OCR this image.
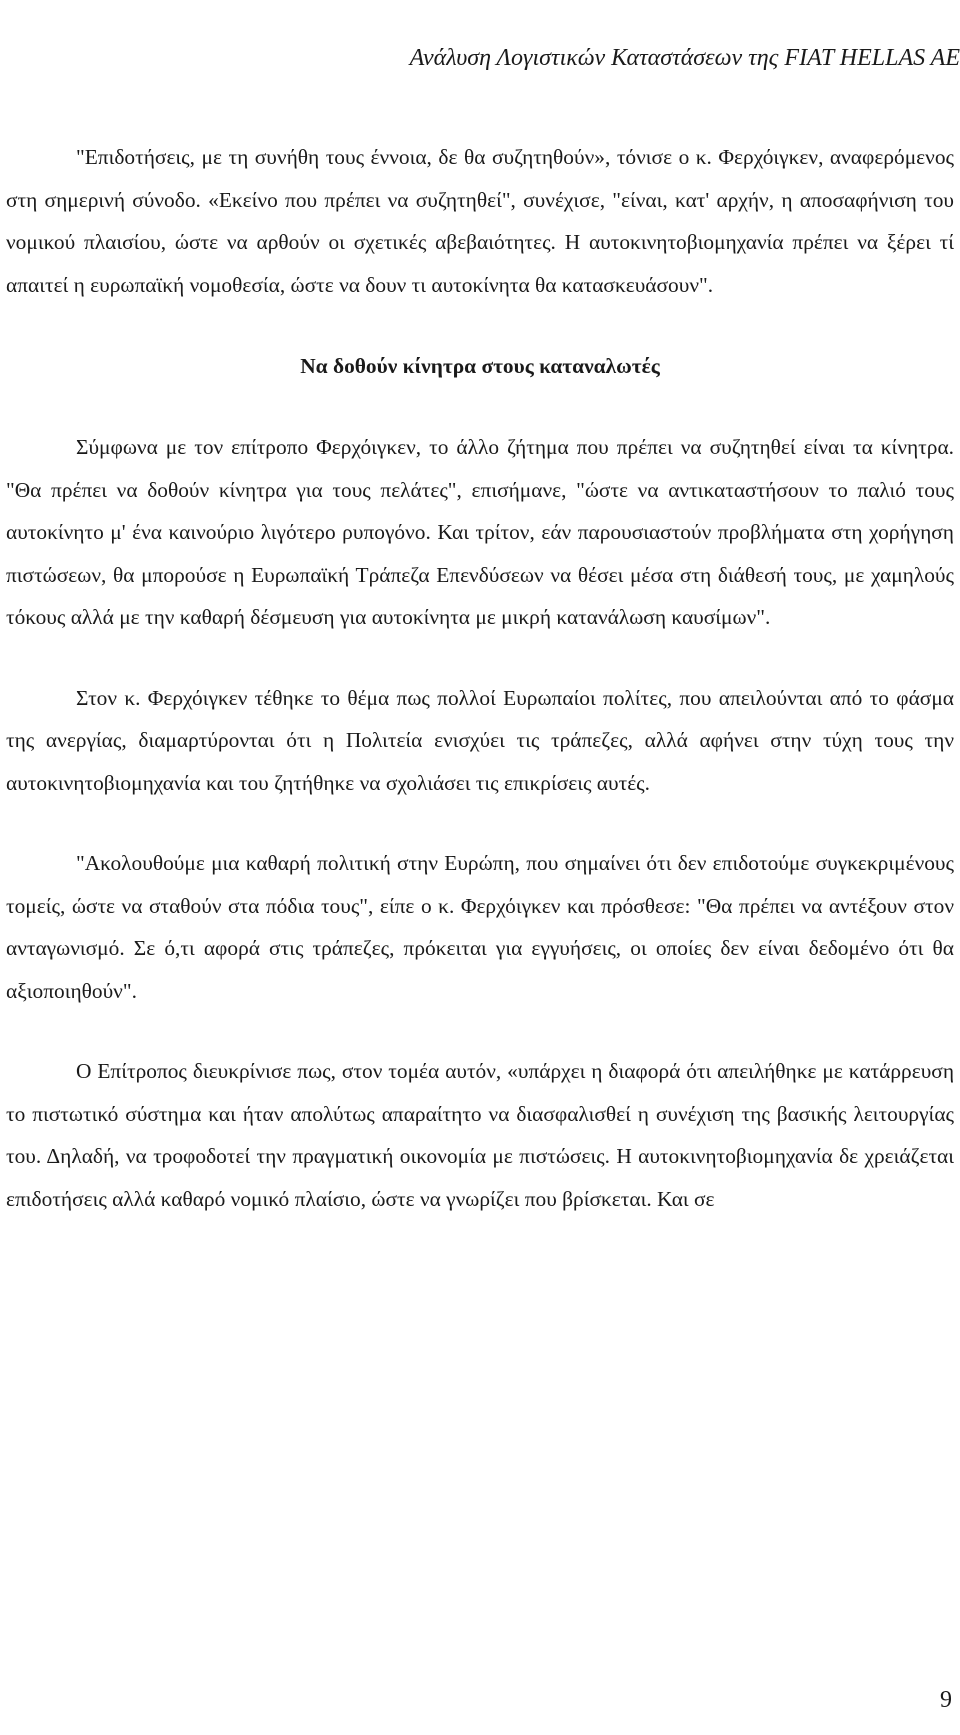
Ανάλυση Λογιστικών Καταστάσεων της FIAT HELLAS AE

"Επιδοτήσεις, με τη συνήθη τους έννοια, δε θα συζητηθούν», τόνισε ο κ. Φερχόιγκεν, αναφερόμενος στη σημερινή σύνοδο. «Εκείνο που πρέπει να συζητηθεί", συνέχισε, "είναι, κατ' αρχήν, η αποσαφήνιση του νομικού πλαισίου, ώστε να αρθούν οι σχετικές αβεβαιότητες. Η αυτοκινητοβιομηχανία πρέπει να ξέρει τί απαιτεί η ευρωπαϊκή νομοθεσία, ώστε να δουν τι αυτοκίνητα θα κατασκευάσουν".

Να δοθούν κίνητρα στους καταναλωτές

Σύμφωνα με τον επίτροπο Φερχόιγκεν, το άλλο ζήτημα που πρέπει να συζητηθεί είναι τα κίνητρα. "Θα πρέπει να δοθούν κίνητρα για τους πελάτες", επισήμανε, "ώστε να αντικαταστήσουν το παλιό τους αυτοκίνητο μ' ένα καινούριο λιγότερο ρυπογόνο. Και τρίτον, εάν παρουσιαστούν προβλήματα στη χορήγηση πιστώσεων, θα μπορούσε η Ευρωπαϊκή Τράπεζα Επενδύσεων να θέσει μέσα στη διάθεσή τους, με χαμηλούς τόκους αλλά με την καθαρή δέσμευση για αυτοκίνητα με μικρή κατανάλωση καυσίμων".

Στον κ. Φερχόιγκεν τέθηκε το θέμα πως πολλοί Ευρωπαίοι πολίτες, που απειλούνται από το φάσμα της ανεργίας, διαμαρτύρονται ότι η Πολιτεία ενισχύει τις τράπεζες, αλλά αφήνει στην τύχη τους την αυτοκινητοβιομηχανία και του ζητήθηκε να σχολιάσει τις επικρίσεις αυτές.

"Ακολουθούμε μια καθαρή πολιτική στην Ευρώπη, που σημαίνει ότι δεν επιδοτούμε συγκεκριμένους τομείς, ώστε να σταθούν στα πόδια τους", είπε ο κ. Φερχόιγκεν και πρόσθεσε: "Θα πρέπει να αντέξουν στον ανταγωνισμό. Σε ό,τι αφορά στις τράπεζες, πρόκειται για εγγυήσεις, οι οποίες δεν είναι δεδομένο ότι θα αξιοποιηθούν".

Ο Επίτροπος διευκρίνισε πως, στον τομέα αυτόν, «υπάρχει η διαφορά ότι απειλήθηκε με κατάρρευση το πιστωτικό σύστημα και ήταν απολύτως απαραίτητο να διασφαλισθεί η συνέχιση της βασικής λειτουργίας του. Δηλαδή, να τροφοδοτεί την πραγματική οικονομία με πιστώσεις. Η αυτοκινητοβιομηχανία δε χρειάζεται επιδοτήσεις αλλά καθαρό νομικό πλαίσιο, ώστε να γνωρίζει που βρίσκεται. Και σε

9
